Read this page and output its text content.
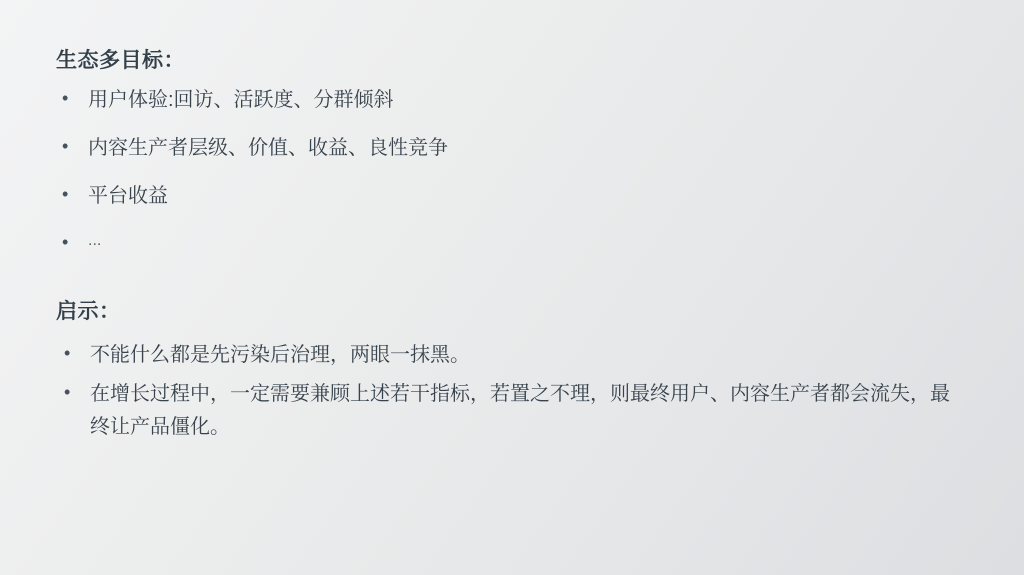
生态多目标：
• 用户体验:回访、活跃度、分群倾斜
• 内容生产者层级、价值、收益、良性竞争
• 平台收益
• ...
启示：
• 不能什么都是先污染后治理，两眼一抹黑。
• 在增长过程中，一定需要兼顾上述若干指标，若置之不理，则最终用户、内容生产者都会流失，最终让产品僵化。
